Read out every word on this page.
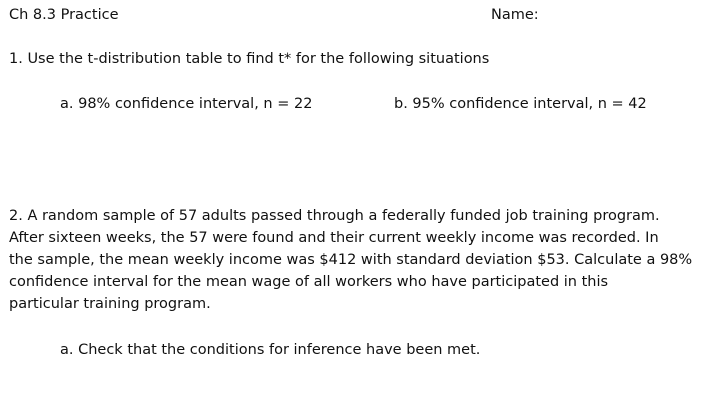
Ch 8.3 Practice	Name:
1. Use the t-distribution table to find t* for the following situations
a. 98% confidence interval, n = 22	b. 95% confidence interval, n = 42
2. A random sample of 57 adults passed through a federally funded job training program.
After sixteen weeks, the 57 were found and their current weekly income was recorded. In
the sample, the mean weekly income was $412 with standard deviation $53. Calculate a 98%
confidence interval for the mean wage of all workers who have participated in this
particular training program.
a. Check that the conditions for inference have been met.
